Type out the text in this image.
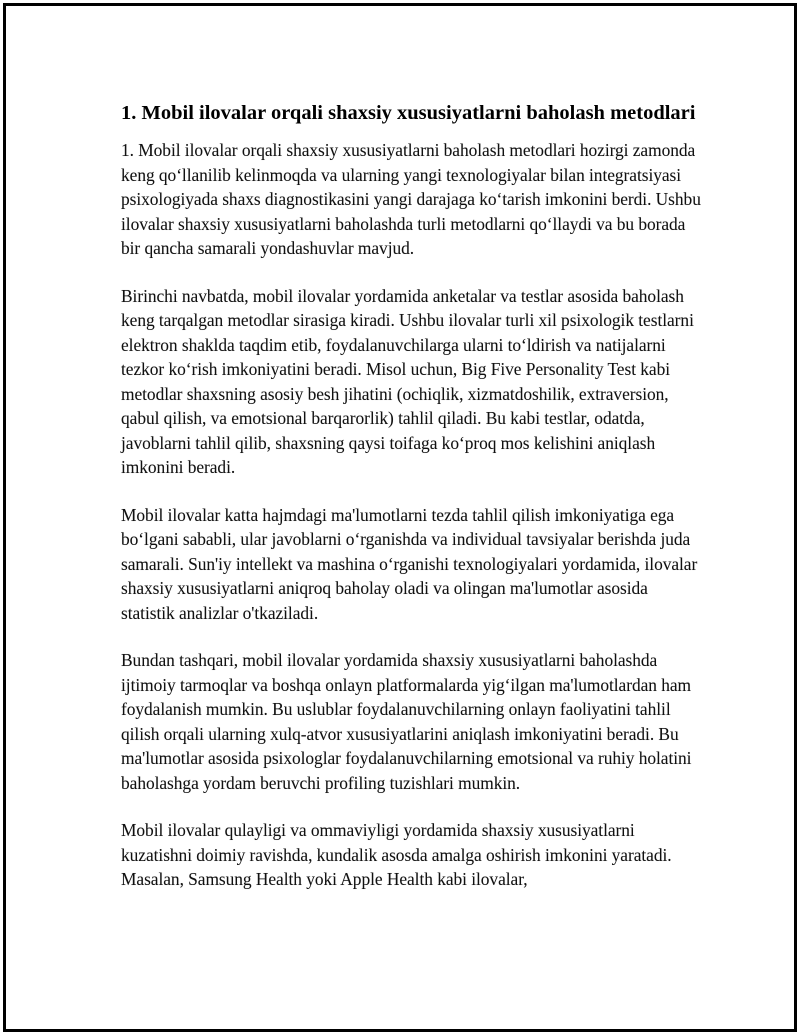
1. Mobil ilovalar orqali shaxsiy xususiyatlarni baholash metodlari

1. Mobil ilovalar orqali shaxsiy xususiyatlarni baholash metodlari hozirgi zamonda keng qo‘llanilib kelinmoqda va ularning yangi texnologiyalar bilan integratsiyasi psixologiyada shaxs diagnostikasini yangi darajaga ko‘tarish imkonini berdi. Ushbu ilovalar shaxsiy xususiyatlarni baholashda turli metodlarni qo‘llaydi va bu borada bir qancha samarali yondashuvlar mavjud.

Birinchi navbatda, mobil ilovalar yordamida anketalar va testlar asosida baholash keng tarqalgan metodlar sirasiga kiradi. Ushbu ilovalar turli xil psixologik testlarni elektron shaklda taqdim etib, foydalanuvchilarga ularni to‘ldirish va natijalarni tezkor ko‘rish imkoniyatini beradi. Misol uchun, Big Five Personality Test kabi metodlar shaxsning asosiy besh jihatini (ochiqlik, xizmatdoshilik, extraversion, qabul qilish, va emotsional barqarorlik) tahlil qiladi. Bu kabi testlar, odatda, javoblarni tahlil qilib, shaxsning qaysi toifaga ko‘proq mos kelishini aniqlash imkonini beradi.

Mobil ilovalar katta hajmdagi ma'lumotlarni tezda tahlil qilish imkoniyatiga ega bo‘lgani sababli, ular javoblarni o‘rganishda va individual tavsiyalar berishda juda samarali. Sun'iy intellekt va mashina o‘rganishi texnologiyalari yordamida, ilovalar shaxsiy xususiyatlarni aniqroq baholay oladi va olingan ma'lumotlar asosida statistik analizlar o'tkaziladi.

Bundan tashqari, mobil ilovalar yordamida shaxsiy xususiyatlarni baholashda ijtimoiy tarmoqlar va boshqa onlayn platformalarda yig‘ilgan ma'lumotlardan ham foydalanish mumkin. Bu uslublar foydalanuvchilarning onlayn faoliyatini tahlil qilish orqali ularning xulq-atvor xususiyatlarini aniqlash imkoniyatini beradi. Bu ma'lumotlar asosida psixologlar foydalanuvchilarning emotsional va ruhiy holatini baholashga yordam beruvchi profiling tuzishlari mumkin.

Mobil ilovalar qulayligi va ommaviyligi yordamida shaxsiy xususiyatlarni kuzatishni doimiy ravishda, kundalik asosda amalga oshirish imkonini yaratadi. Masalan, Samsung Health yoki Apple Health kabi ilovalar,
